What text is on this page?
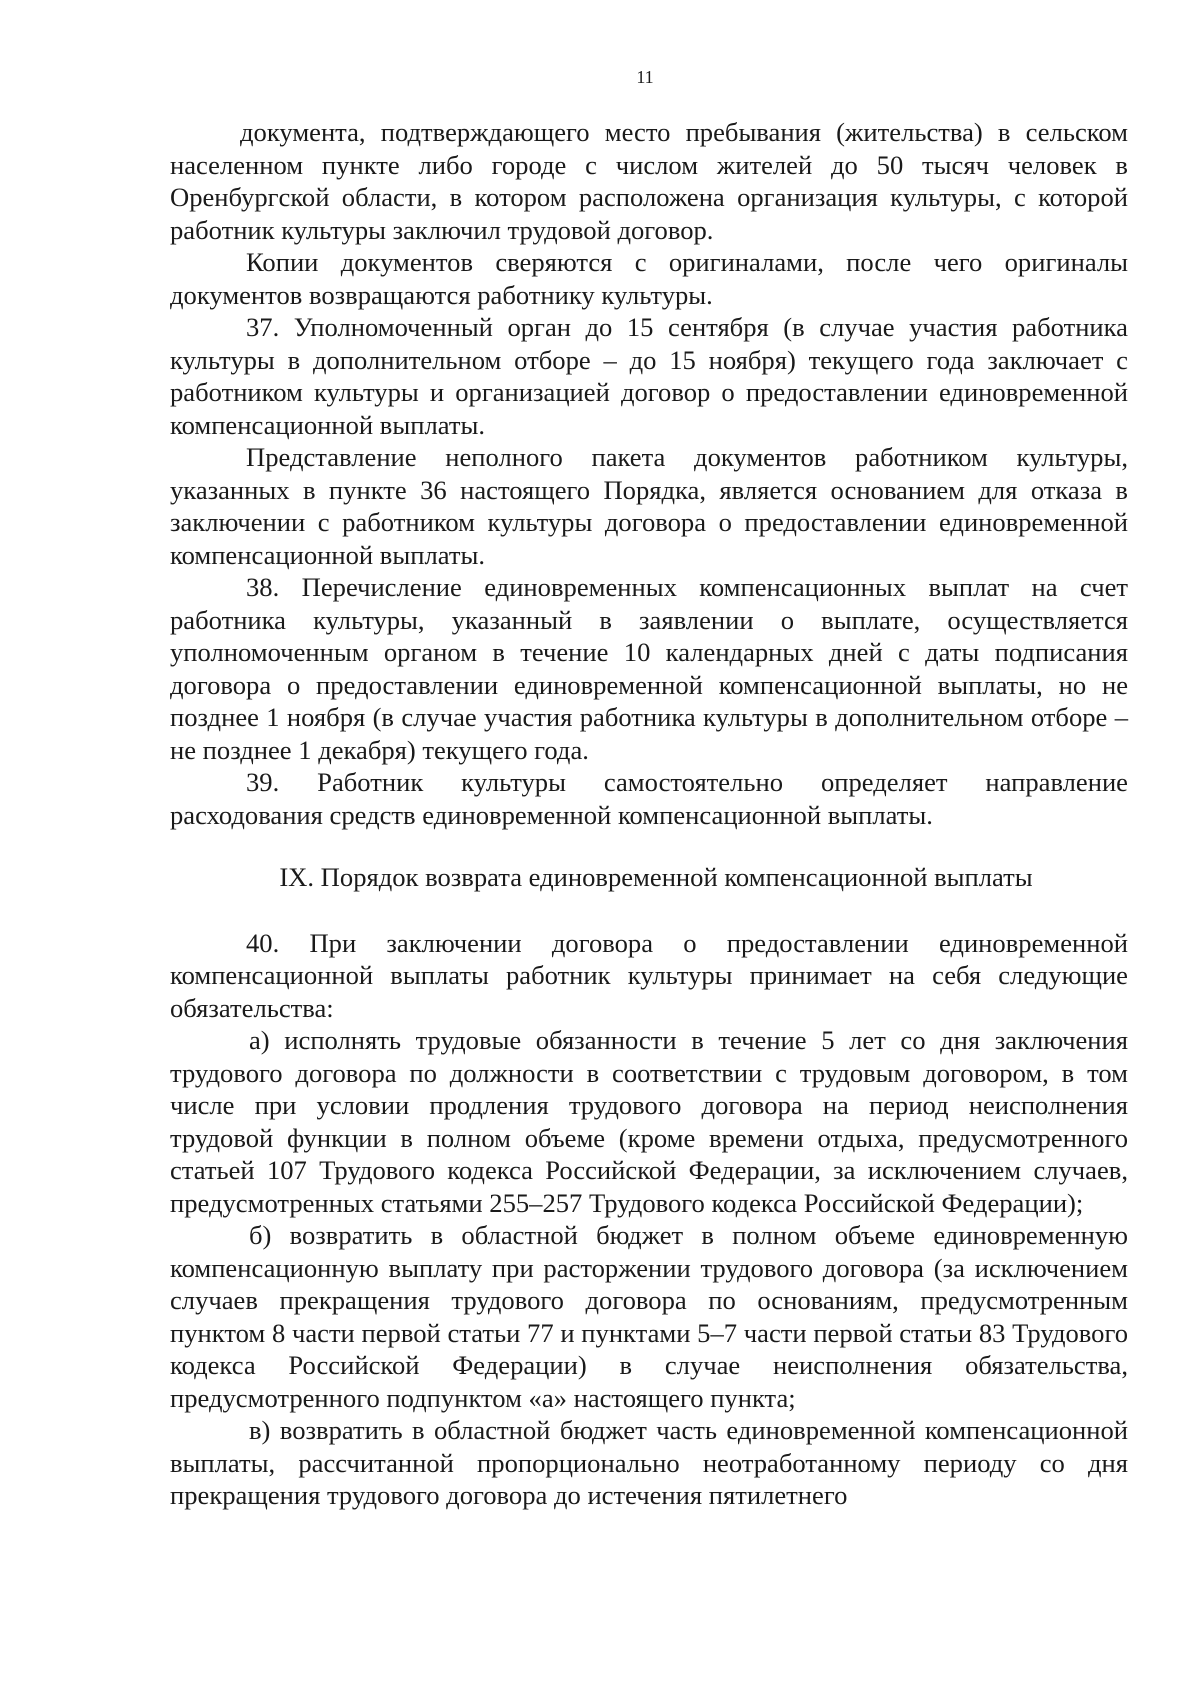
11

документа, подтверждающего место пребывания (жительства) в сельском населенном пункте либо городе с числом жителей до 50 тысяч человек в Оренбургской области, в котором расположена организация культуры, с которой работник культуры заключил трудовой договор.

Копии документов сверяются с оригиналами, после чего оригиналы документов возвращаются работнику культуры.

37. Уполномоченный орган до 15 сентября (в случае участия работника культуры в дополнительном отборе – до 15 ноября) текущего года заключает с работником культуры и организацией договор о предоставлении единовременной компенсационной выплаты.

Представление неполного пакета документов работником культуры, указанных в пункте 36 настоящего Порядка, является основанием для отказа в заключении с работником культуры договора о предоставлении единовременной компенсационной выплаты.

38. Перечисление единовременных компенсационных выплат на счет работника культуры, указанный в заявлении о выплате, осуществляется уполномоченным органом в течение 10 календарных дней с даты подписания договора о предоставлении единовременной компенсационной выплаты, но не позднее 1 ноября (в случае участия работника культуры в дополнительном отборе – не позднее 1 декабря) текущего года.

39. Работник культуры самостоятельно определяет направление расходования средств единовременной компенсационной выплаты.

IX. Порядок возврата единовременной компенсационной выплаты

40. При заключении договора о предоставлении единовременной компенсационной выплаты работник культуры принимает на себя следующие обязательства:

а) исполнять трудовые обязанности в течение 5 лет со дня заключения трудового договора по должности в соответствии с трудовым договором, в том числе при условии продления трудового договора на период неисполнения трудовой функции в полном объеме (кроме времени отдыха, предусмотренного статьей 107 Трудового кодекса Российской Федерации, за исключением случаев, предусмотренных статьями 255–257 Трудового кодекса Российской Федерации);

б) возвратить в областной бюджет в полном объеме единовременную компенсационную выплату при расторжении трудового договора (за исключением случаев прекращения трудового договора по основаниям, предусмотренным пунктом 8 части первой статьи 77 и пунктами 5–7 части первой статьи 83 Трудового кодекса Российской Федерации) в случае неисполнения обязательства, предусмотренного подпунктом «а» настоящего пункта;

в) возвратить в областной бюджет часть единовременной компенсационной выплаты, рассчитанной пропорционально неотработанному периоду со дня прекращения трудового договора до истечения пятилетнего
